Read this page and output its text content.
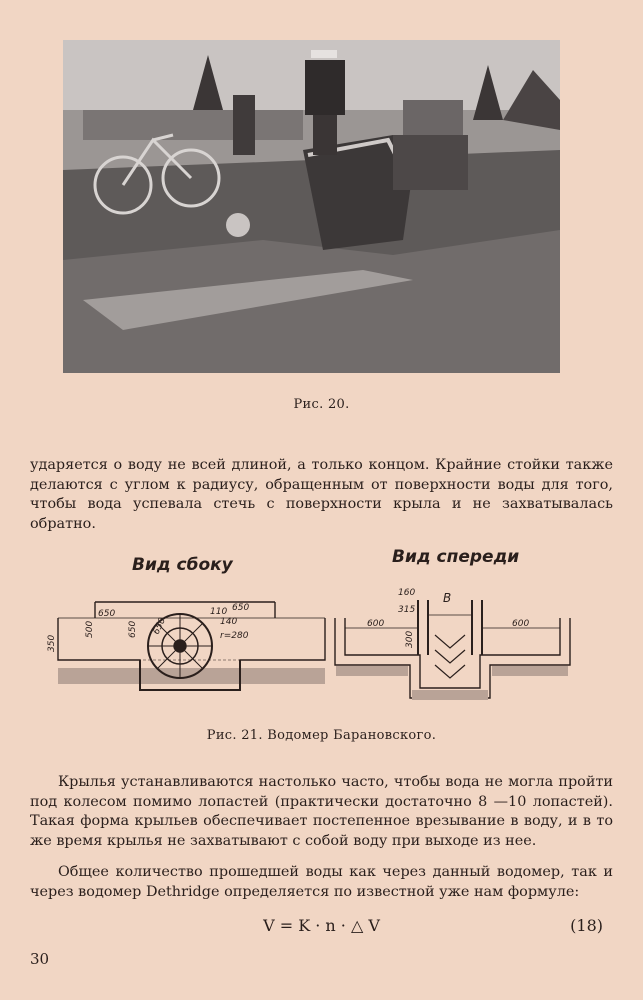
Рис. 20.

ударяется о воду не всей длиной, а только концом. Крайние стойки также делаются с углом к радиусу, обращенным от поверхности воды для того, чтобы вода успевала стечь с поверхности крыла и не захватывалась обратно.

Вид сбоку	Вид спереди
650
650
110 650
140
500	650
350	r=280
160
315
B
600	600
300
Рис. 21. Водомер Барановского.

Крылья устанавливаются настолько часто, чтобы вода не могла пройти под колесом помимо лопастей (практически достаточно 8 —10 лопастей). Такая форма крыльев обеспечивает постепенное врезывание в воду, и в то же время крылья не захватывают с собой воду при выходе из нее.

Общее количество прошедшей воды как через данный водомер, так и через водомер Dethridge определяется по известной уже нам формуле:

V = K · n · △ V	(18)
30
